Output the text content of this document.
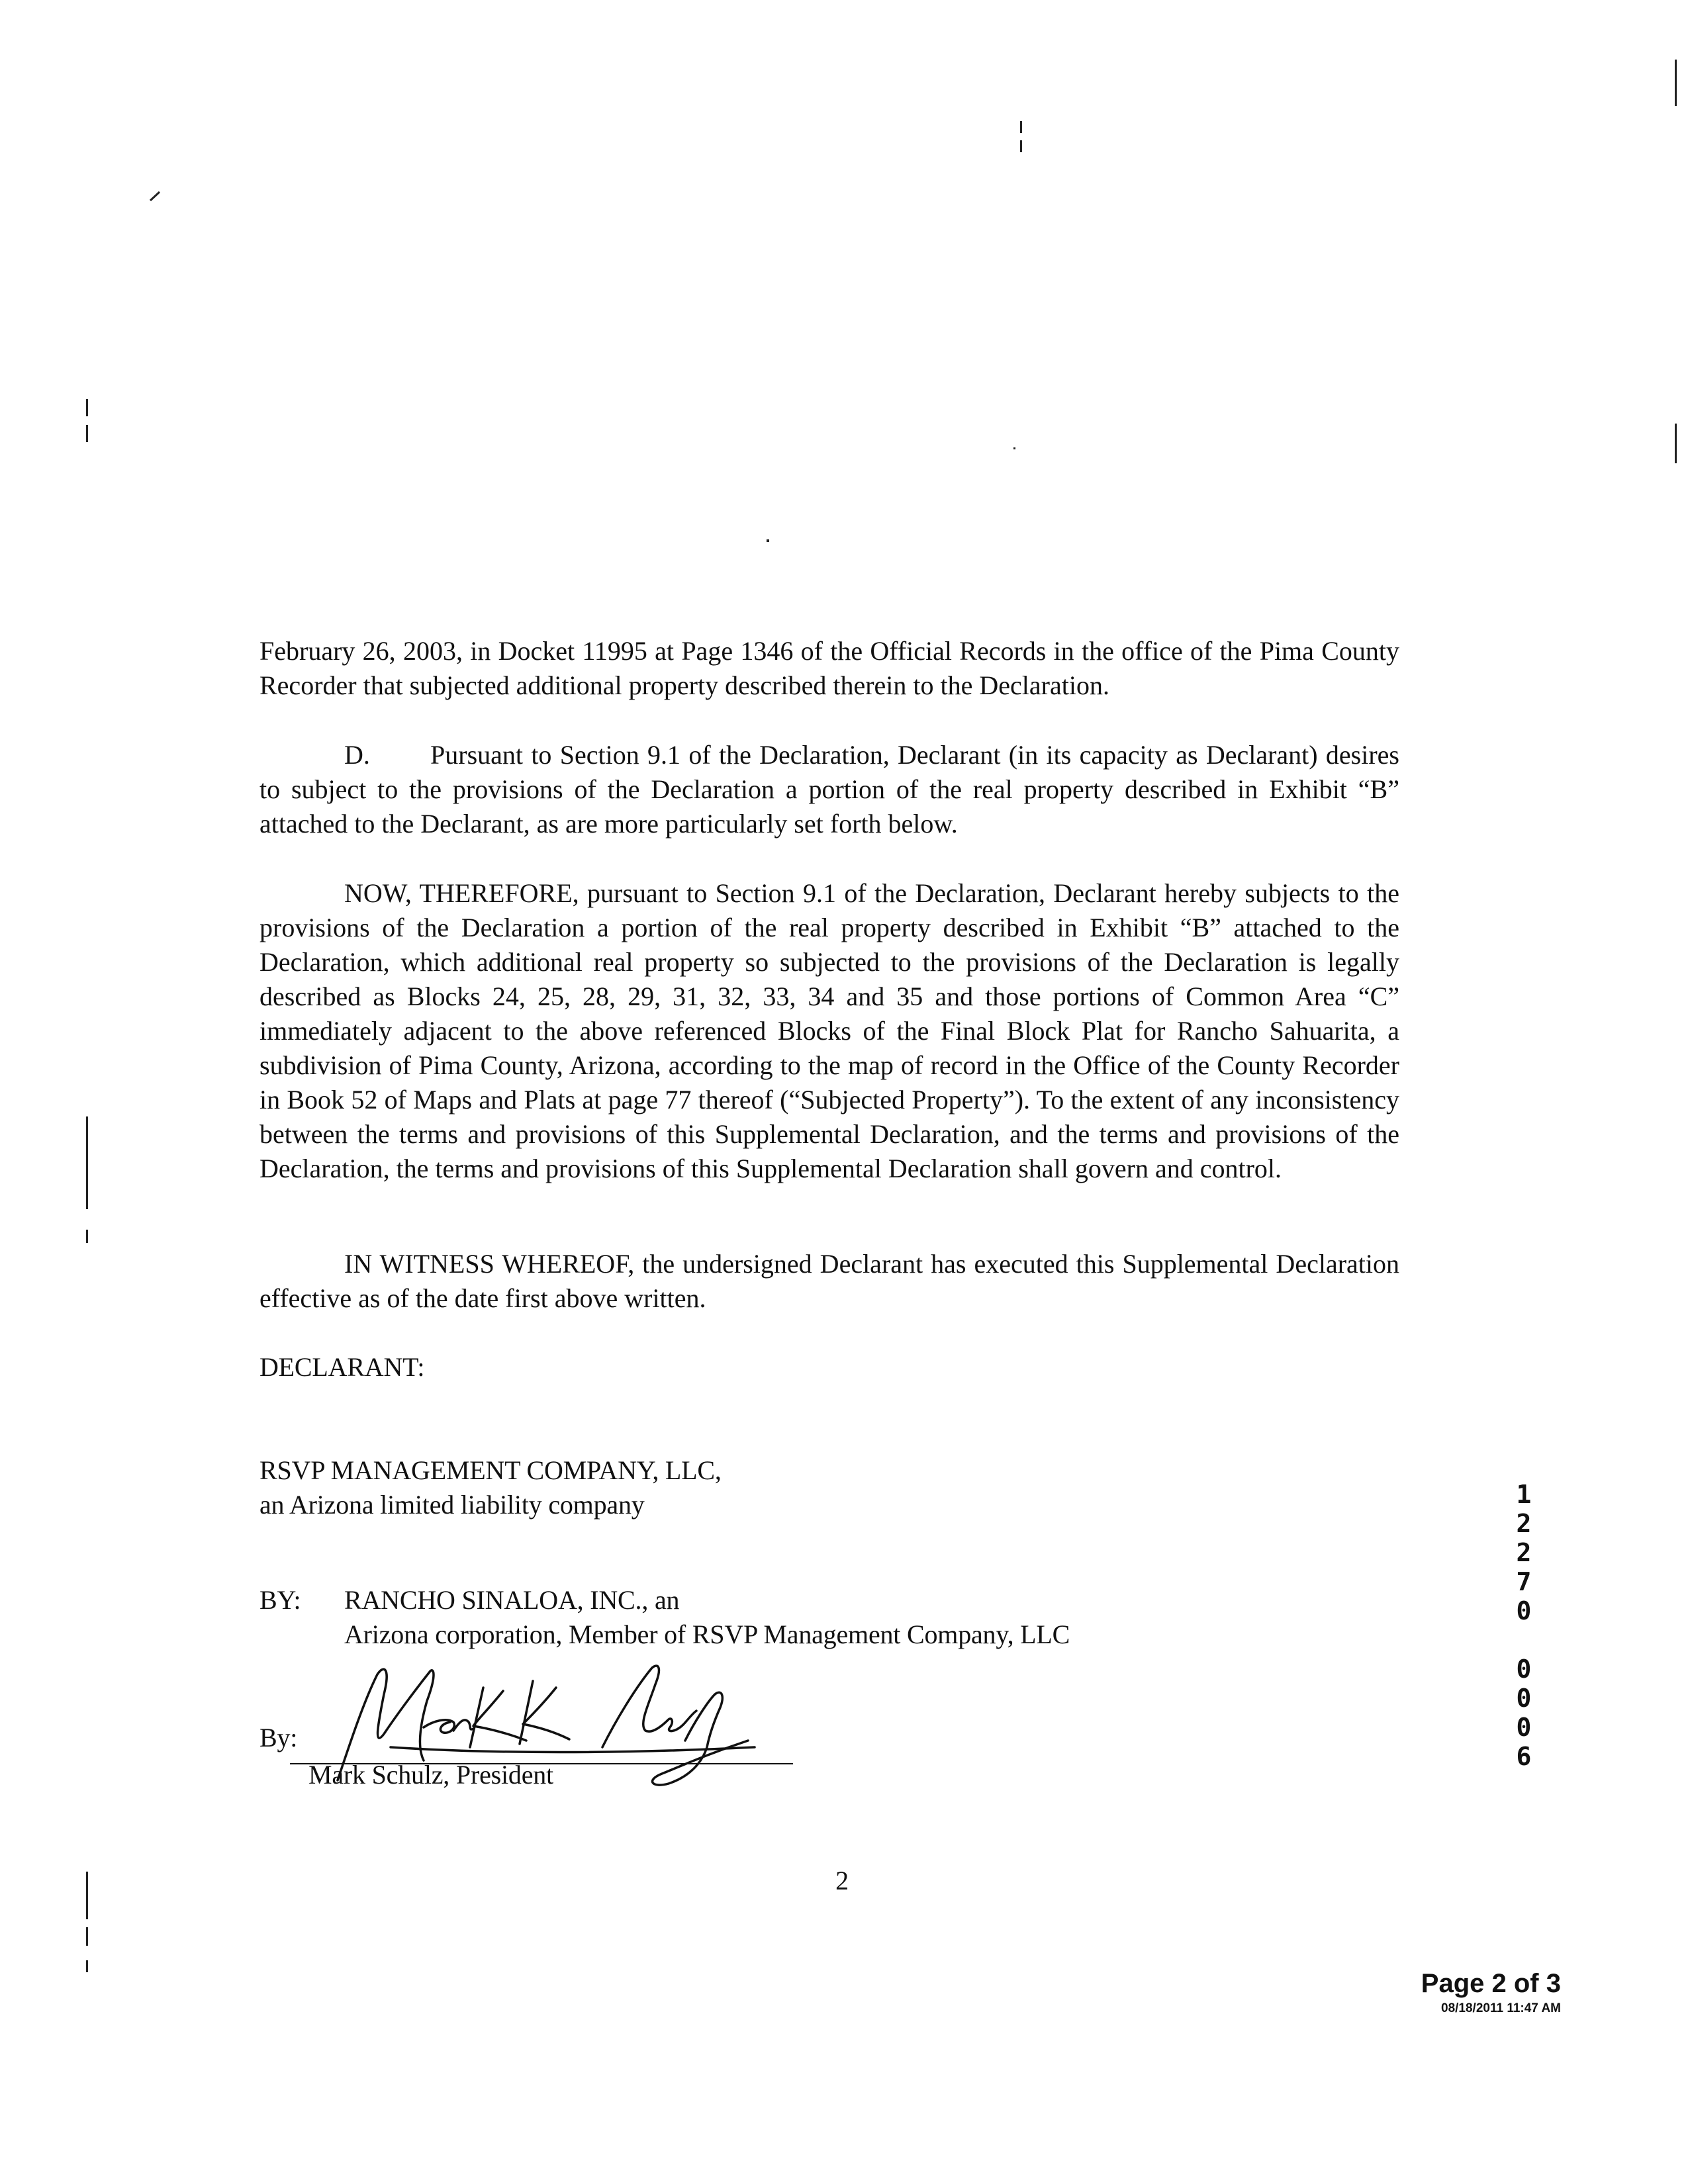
February 26, 2003, in Docket 11995 at Page 1346 of the Official Records in the office of the Pima County Recorder that subjected additional property described therein to the Declaration.
D. Pursuant to Section 9.1 of the Declaration, Declarant (in its capacity as Declarant) desires to subject to the provisions of the Declaration a portion of the real property described in Exhibit “B” attached to the Declarant, as are more particularly set forth below.
NOW, THEREFORE, pursuant to Section 9.1 of the Declaration, Declarant hereby subjects to the provisions of the Declaration a portion of the real property described in Exhibit “B” attached to the Declaration, which additional real property so subjected to the provisions of the Declaration is legally described as Blocks 24, 25, 28, 29, 31, 32, 33, 34 and 35 and those portions of Common Area “C” immediately adjacent to the above referenced Blocks of the Final Block Plat for Rancho Sahuarita, a subdivision of Pima County, Arizona, according to the map of record in the Office of the County Recorder in Book 52 of Maps and Plats at page 77 thereof (“Subjected Property”). To the extent of any inconsistency between the terms and provisions of this Supplemental Declaration, and the terms and provisions of the Declaration, the terms and provisions of this Supplemental Declaration shall govern and control.
IN WITNESS WHEREOF, the undersigned Declarant has executed this Supplemental Declaration effective as of the date first above written.
DECLARANT:
RSVP MANAGEMENT COMPANY, LLC,
an Arizona limited liability company
BY: RANCHO SINALOA, INC., an
Arizona corporation, Member of RSVP Management Company, LLC
By:
Mark Schulz, President
2
1
2
2
7
0
0
0
0
6
Page 2 of 3
08/18/2011 11:47 AM
